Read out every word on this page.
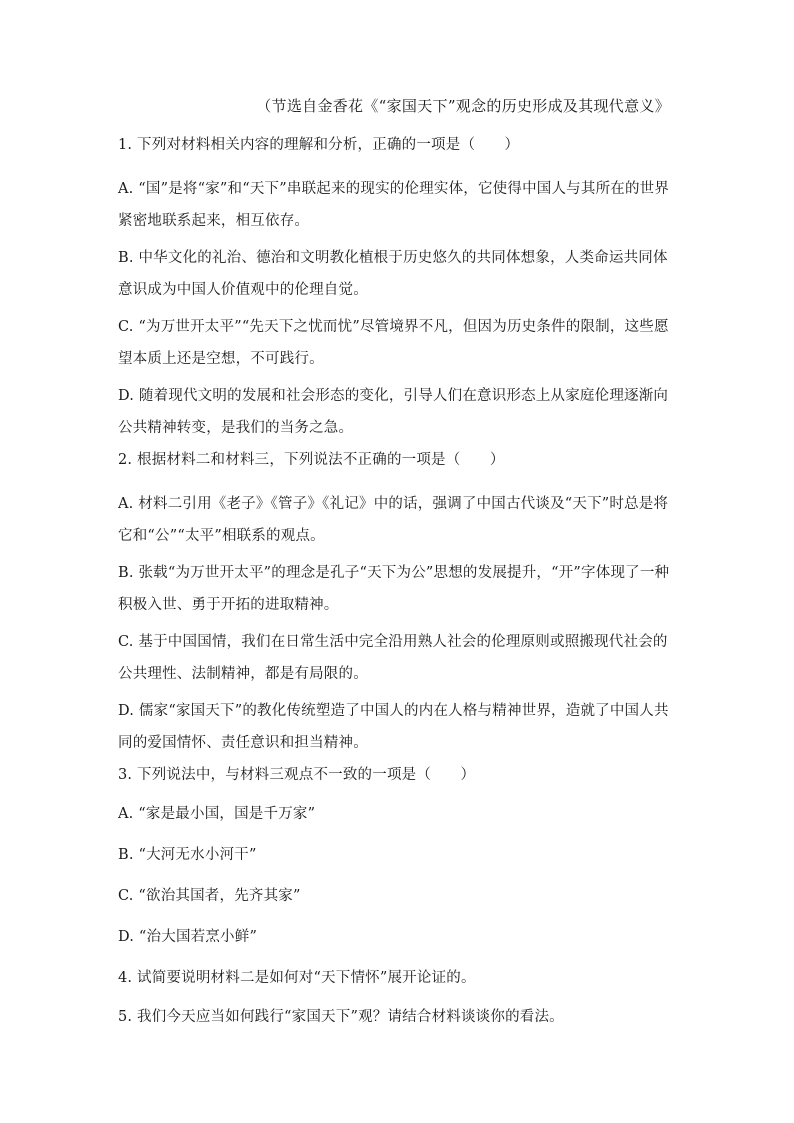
（节选自金香花《“家国天下”观念的历史形成及其现代意义》
1. 下列对材料相关内容的理解和分析，正确的一项是（　　）
A. “国”是将“家”和“天下”串联起来的现实的伦理实体，它使得中国人与其所在的世界紧密地联系起来，相互依存。
B. 中华文化的礼治、德治和文明教化植根于历史悠久的共同体想象，人类命运共同体意识成为中国人价值观中的伦理自觉。
C. “为万世开太平”“先天下之忧而忧”尽管境界不凡，但因为历史条件的限制，这些愿望本质上还是空想，不可践行。
D. 随着现代文明的发展和社会形态的变化，引导人们在意识形态上从家庭伦理逐渐向公共精神转变，是我们的当务之急。
2. 根据材料二和材料三，下列说法不正确的一项是（　　）
A. 材料二引用《老子》《管子》《礼记》中的话，强调了中国古代谈及“天下”时总是将它和“公”“太平”相联系的观点。
B. 张载“为万世开太平”的理念是孔子“天下为公”思想的发展提升，“开”字体现了一种积极入世、勇于开拓的进取精神。
C. 基于中国国情，我们在日常生活中完全沿用熟人社会的伦理原则或照搬现代社会的公共理性、法制精神，都是有局限的。
D. 儒家“家国天下”的教化传统塑造了中国人的内在人格与精神世界，造就了中国人共同的爱国情怀、责任意识和担当精神。
3. 下列说法中，与材料三观点不一致的一项是（　　）
A. “家是最小国，国是千万家”
B. “大河无水小河干”
C. “欲治其国者，先齐其家”
D. “治大国若烹小鲜”
4. 试简要说明材料二是如何对“天下情怀”展开论证的。
5. 我们今天应当如何践行“家国天下”观？请结合材料谈谈你的看法。
